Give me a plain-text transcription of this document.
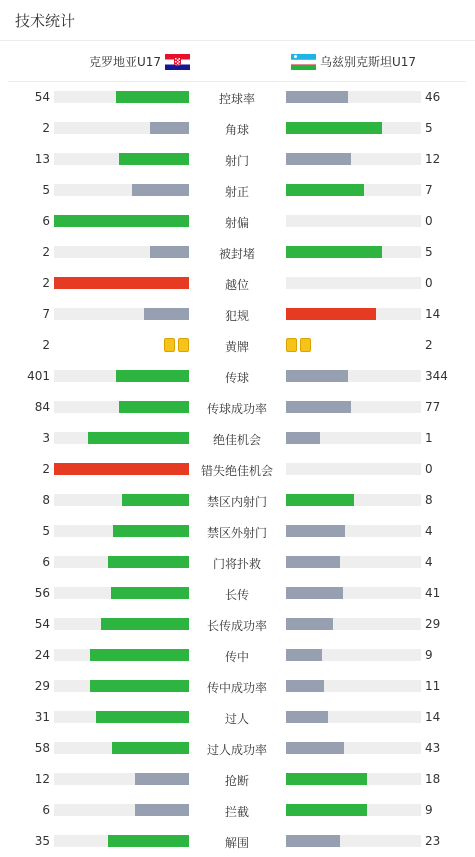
技术统计
克罗地亚U17	乌兹别克斯坦U17
54	控球率	46
2	角球	5
13	射门	12
5	射正	7
6	射偏	0
2	被封堵	5
2	越位	0
7	犯规	14
2	黄牌	2
401	传球	344
84	传球成功率	77
3	绝佳机会	1
2	错失绝佳机会	0
8	禁区内射门	8
5	禁区外射门	4
6	门将扑救	4
56	长传	41
54	长传成功率	29
24	传中	9
29	传中成功率	11
31	过人	14
58	过人成功率	43
12	抢断	18
6	拦截	9
35	解围	23
